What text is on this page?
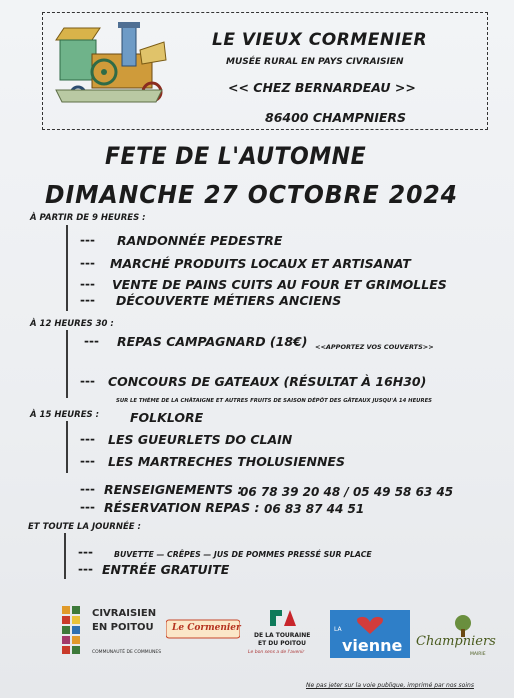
LE VIEUX CORMENIER
MUSÉE RURAL EN PAYS CIVRAISIEN
<< CHEZ BERNARDEAU >>
86400 CHAMPNIERS
FETE DE L'AUTOMNE
DIMANCHE 27 OCTOBRE 2024
À PARTIR DE 9 HEURES :
--- RANDONNÉE PEDESTRE
--- MARCHÉ PRODUITS LOCAUX ET ARTISANAT
--- VENTE DE PAINS CUITS AU FOUR ET GRIMOLLES
--- DÉCOUVERTE MÉTIERS ANCIENS
À 12 HEURES 30 :
--- REPAS CAMPAGNARD (18€) <<APPORTEZ VOS COUVERTS>>
--- CONCOURS DE GATEAUX (RÉSULTAT À 16H30)
SUR LE THÈME DE LA CHÂTAIGNE ET AUTRES FRUITS DE SAISON DÉPÔT DES GÂTEAUX JUSQU'À 14 HEURES
À 15 HEURES : FOLKLORE
--- LES GUEURLETS DO CLAIN
--- LES MARTRECHES THOLUSIENNES
--- RENSEIGNEMENTS :
06 78 39 20 48 / 05 49 58 63 45
--- RÉSERVATION REPAS : 06 83 87 44 51
ET TOUTE LA JOURNÉE :
---	BUVETTE — CRÊPES — JUS DE POMMES PRESSÉ SUR PLACE
--- ENTRÉE GRATUITE
CIVRAISIEN
EN POITOU
COMMUNAUTÉ DE COMMUNES
Le Cormenier
DE LA TOURAINE
ET DU POITOU
Le bon sens a de l'avenir
LA
vienne Champniers
MAIRIE
Ne pas jeter sur la voie publique, imprimé par nos soins
